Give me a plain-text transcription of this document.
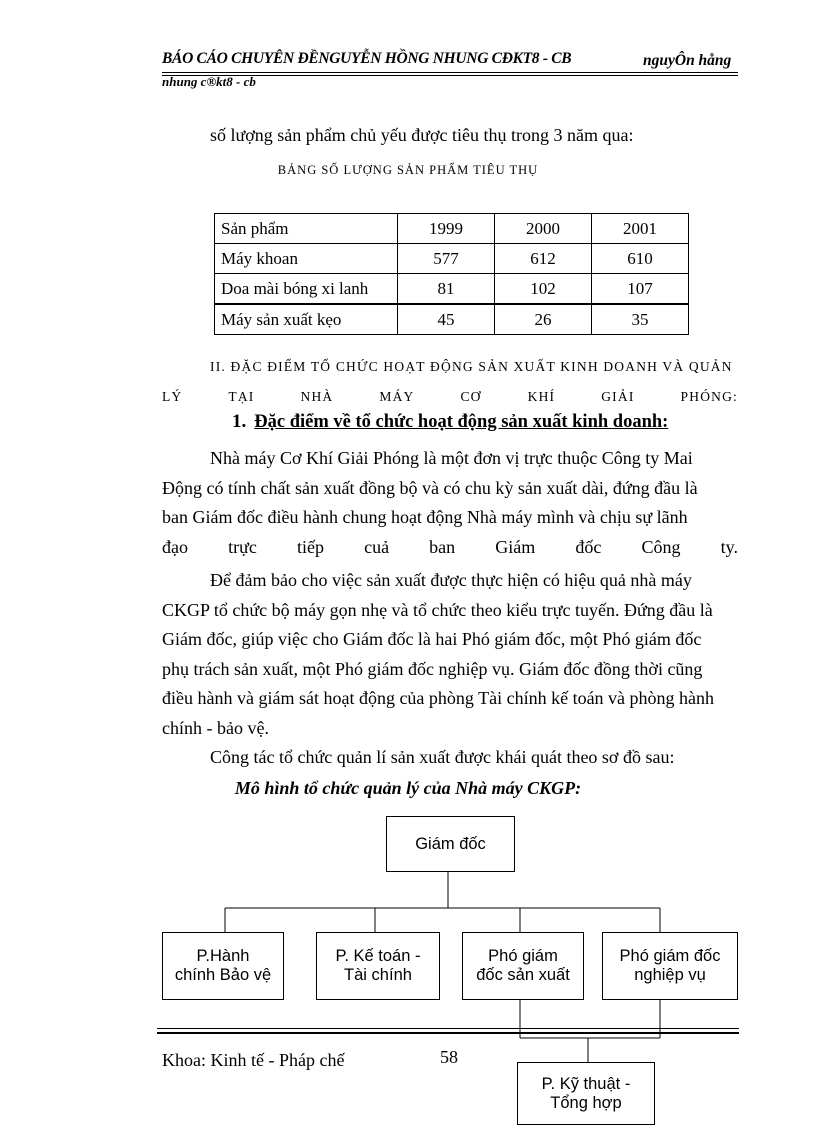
BÁO CÁO CHUYÊN ĐỀNGUYỄN HỒNG NHUNG CĐKT8 - CB	nguyÔn hång
nhung c®kt8 - cb
số lượng sản phẩm chủ yếu được tiêu thụ trong 3 năm qua:
BẢNG SỐ LƯỢNG SẢN PHẨM TIÊU THỤ
Sản phẩm	1999	2000	2001
Máy khoan	577	612	610
Doa mài bóng xi lanh	81	102	107
Máy sản xuất kẹo	45	26	35
II. ĐẶC ĐIỂM TỔ CHỨC HOẠT ĐỘNG SẢN XUẤT KINH DOANH VÀ QUẢN
LÝ	TẠI	NHÀ	MÁY	CƠ	KHÍ	GIẢI	PHÓNG:
1. Đặc điểm về tổ chức hoạt động sản xuất kinh doanh:
Nhà máy Cơ Khí Giải Phóng là một đơn vị trực thuộc Công ty Mai
Động có tính chất sản xuất đồng bộ và có chu kỳ sản xuất dài, đứng đầu là
ban Giám đốc điều hành chung hoạt động Nhà máy mình và chịu sự lãnh
đạo trực tiếp cuả ban Giám đốc Công ty.
Để đảm bảo cho việc sản xuất được thực hiện có hiệu quả nhà máy
CKGP tổ chức bộ máy gọn nhẹ và tổ chức theo kiểu trực tuyến. Đứng đầu là
Giám đốc, giúp việc cho Giám đốc là hai Phó giám đốc, một Phó giám đốc
phụ trách sản xuất, một Phó giám đốc nghiệp vụ. Giám đốc đồng thời cũng
điều hành và giám sát hoạt động của phòng Tài chính kế toán và phòng hành
chính - bảo vệ.
Công tác tổ chức quản lí sản xuất được khái quát theo sơ đồ sau:
Mô hình tổ chức quản lý của Nhà máy CKGP:
Giám đốc
P.Hành
chính Bảo vệ
P. Kế toán -
Tài chính
Phó giám
đốc sản xuất
Phó giám đốc
nghiệp vụ
P. Kỹ thuật -
Tổng hợp
Khoa: Kinh tế - Pháp chế	58
